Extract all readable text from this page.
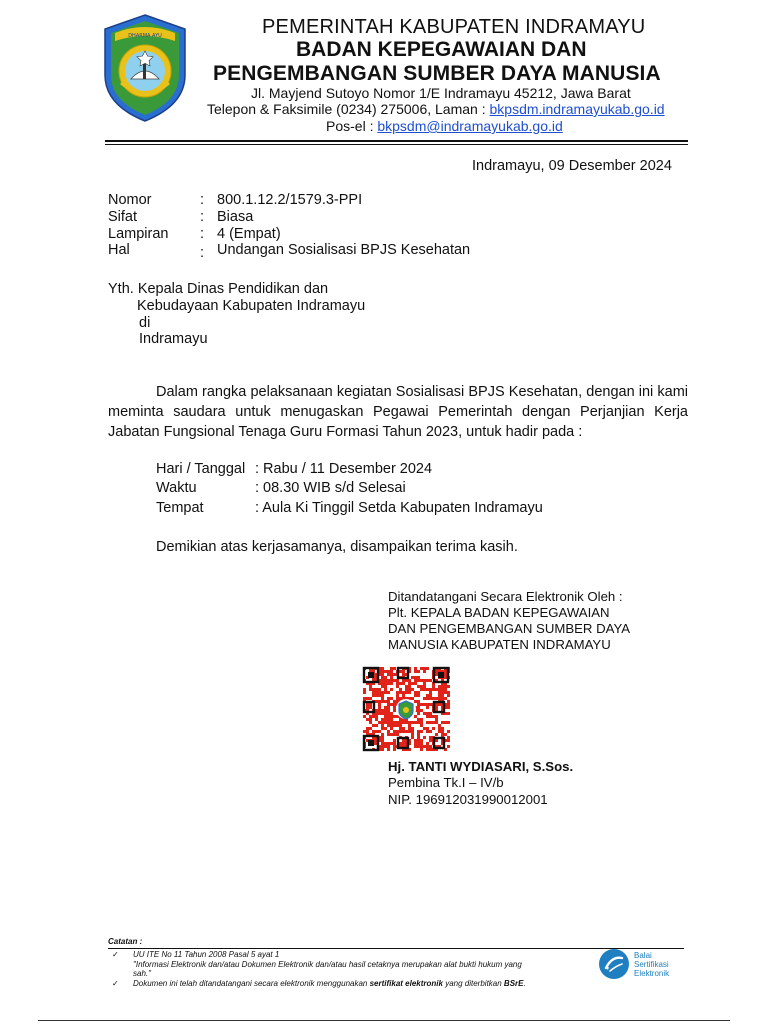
DHARMA AYU	PEMERINTAH KABUPATEN INDRAMAYU
BADAN KEPEGAWAIAN DAN
PENGEMBANGAN SUMBER DAYA MANUSIA
Jl. Mayjend Sutoyo Nomor 1/E Indramayu 45212, Jawa Barat
Telepon & Faksimile (0234) 275006, Laman : bkpsdm.indramayukab.go.id
Pos-el : bkpsdm@indramayukab.go.id
Indramayu, 09 Desember 2024
Nomor	: 800.1.12.2/1579.3-PPI
Sifat	: Biasa
Lampiran : 4 (Empat)
Hal	: Undangan Sosialisasi BPJS Kesehatan
Yth. Kepala Dinas Pendidikan dan
Kebudayaan Kabupaten Indramayu
di
Indramayu

Dalam rangka pelaksanaan kegiatan Sosialisasi BPJS Kesehatan, dengan ini kami meminta saudara untuk menugaskan Pegawai Pemerintah dengan Perjanjian Kerja Jabatan Fungsional Tenaga Guru Formasi Tahun 2023, untuk hadir pada :

Hari / Tanggal : Rabu / 11 Desember 2024
Waktu	: 08.30 WIB s/d Selesai
Tempat	: Aula Ki Tinggil Setda Kabupaten Indramayu
Demikian atas kerjasamanya, disampaikan terima kasih.
Ditandatangani Secara Elektronik Oleh :
Plt. KEPALA BADAN KEPEGAWAIAN
DAN PENGEMBANGAN SUMBER DAYA
MANUSIA KABUPATEN INDRAMAYU
Hj. TANTI WYDIASARI, S.Sos.
Pembina Tk.I – IV/b
NIP. 196912031990012001
Catatan :
✓ UU ITE No 11 Tahun 2008 Pasal 5 ayat 1
"Informasi Elektronik dan/atau Dokumen Elektronik dan/atau hasil cetaknya merupakan alat bukti hukum yang
sah."
✓ Dokumen ini telah ditandatangani secara elektronik menggunakan sertifikat elektronik yang diterbitkan BSrE.
Balai
Sertifikasi
Elektronik
